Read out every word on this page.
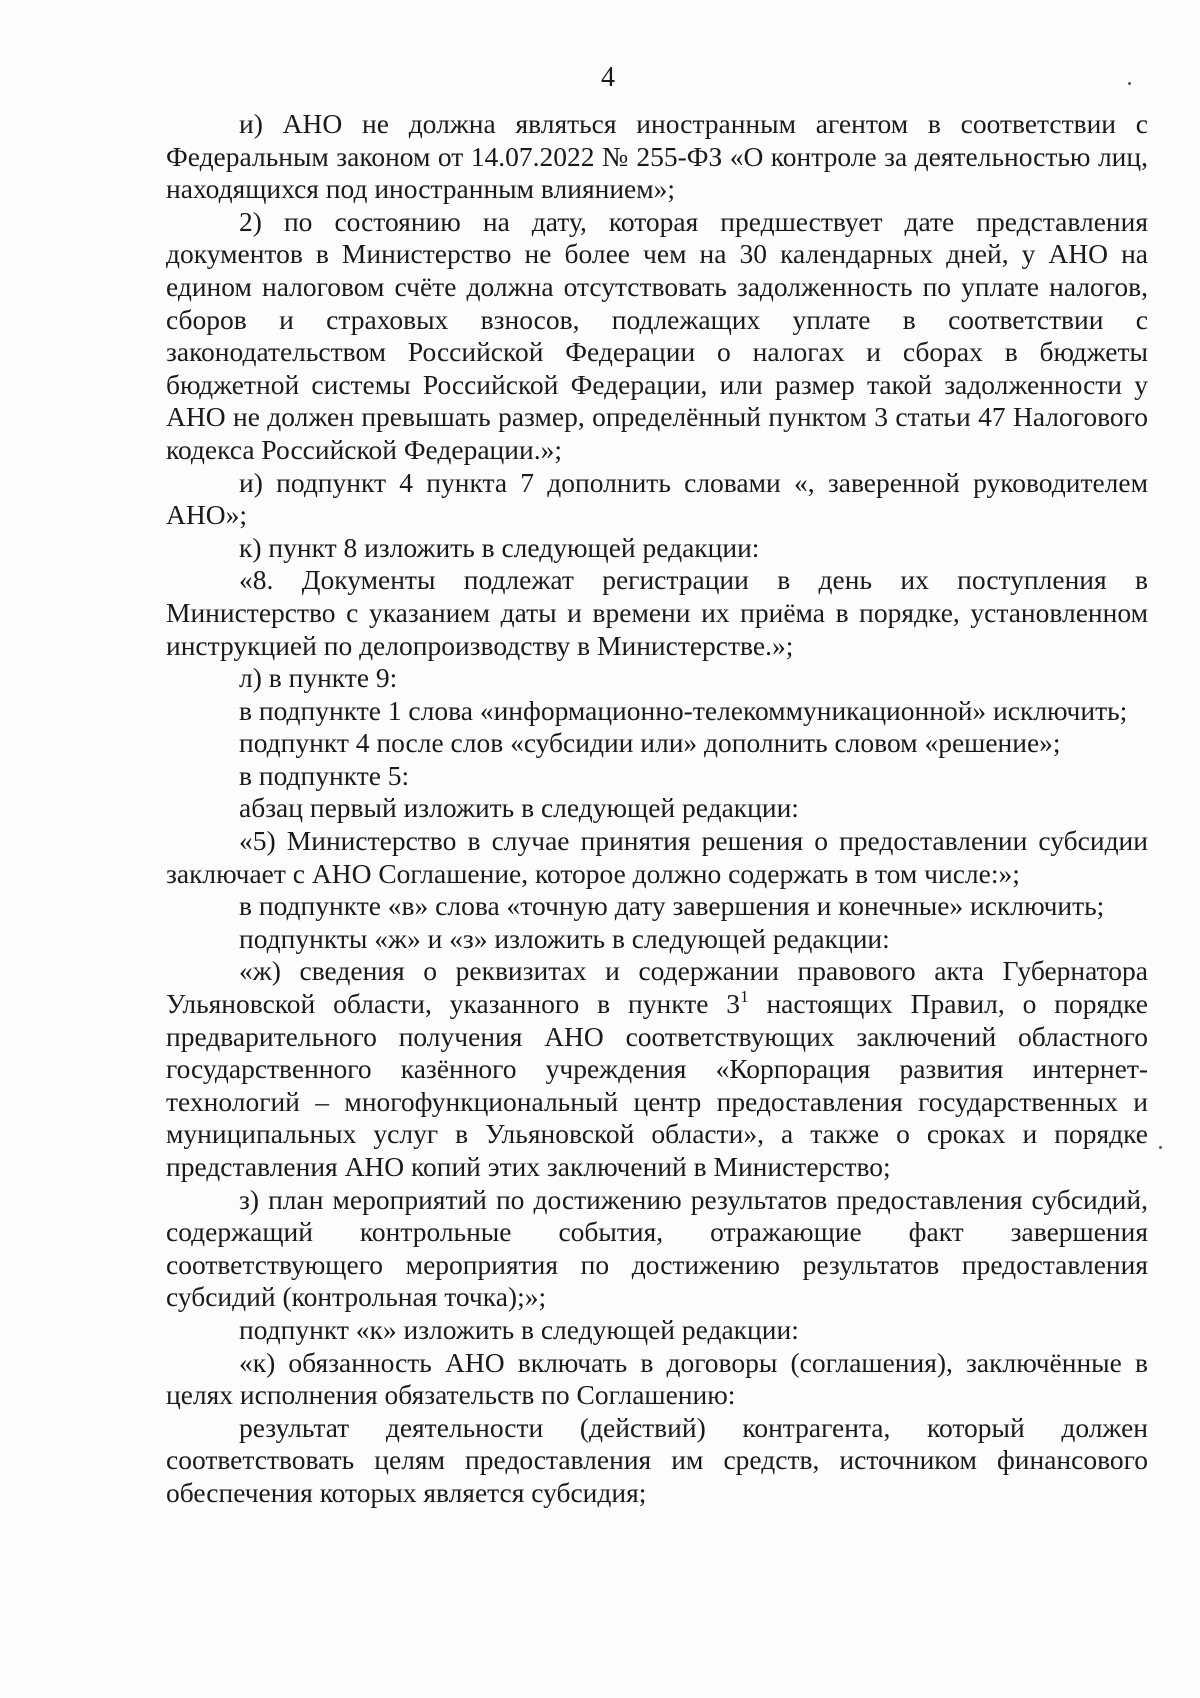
4

и) АНО не должна являться иностранным агентом в соответствии с Федеральным законом от 14.07.2022 № 255-ФЗ «О контроле за деятельностью лиц, находящихся под иностранным влиянием»;

2) по состоянию на дату, которая предшествует дате представления документов в Министерство не более чем на 30 календарных дней, у АНО на едином налоговом счёте должна отсутствовать задолженность по уплате налогов, сборов и страховых взносов, подлежащих уплате в соответствии с законодательством Российской Федерации о налогах и сборах в бюджеты бюджетной системы Российской Федерации, или размер такой задолженности у АНО не должен превышать размер, определённый пунктом 3 статьи 47 Налогового кодекса Российской Федерации.»;

и) подпункт 4 пункта 7 дополнить словами «, заверенной руководителем АНО»;

к) пункт 8 изложить в следующей редакции:

«8. Документы подлежат регистрации в день их поступления в Министерство с указанием даты и времени их приёма в порядке, установленном инструкцией по делопроизводству в Министерстве.»;

л) в пункте 9:

в подпункте 1 слова «информационно-телекоммуникационной» исключить;

подпункт 4 после слов «субсидии или» дополнить словом «решение»;

в подпункте 5:

абзац первый изложить в следующей редакции:

«5) Министерство в случае принятия решения о предоставлении субсидии заключает с АНО Соглашение, которое должно содержать в том числе:»;

в подпункте «в» слова «точную дату завершения и конечные» исключить;

подпункты «ж» и «з» изложить в следующей редакции:

«ж) сведения о реквизитах и содержании правового акта Губернатора Ульяновской области, указанного в пункте $3^1$ настоящих Правил, о порядке предварительного получения АНО соответствующих заключений областного государственного казённого учреждения «Корпорация развития интернет-технологий – многофункциональный центр предоставления государственных и муниципальных услуг в Ульяновской области», а также о сроках и порядке представления АНО копий этих заключений в Министерство;

з) план мероприятий по достижению результатов предоставления субсидий, содержащий контрольные события, отражающие факт завершения соответствующего мероприятия по достижению результатов предоставления субсидий (контрольная точка);»;

подпункт «к» изложить в следующей редакции:

«к) обязанность АНО включать в договоры (соглашения), заключённые в целях исполнения обязательств по Соглашению:

результат деятельности (действий) контрагента, который должен соответствовать целям предоставления им средств, источником финансового обеспечения которых является субсидия;
